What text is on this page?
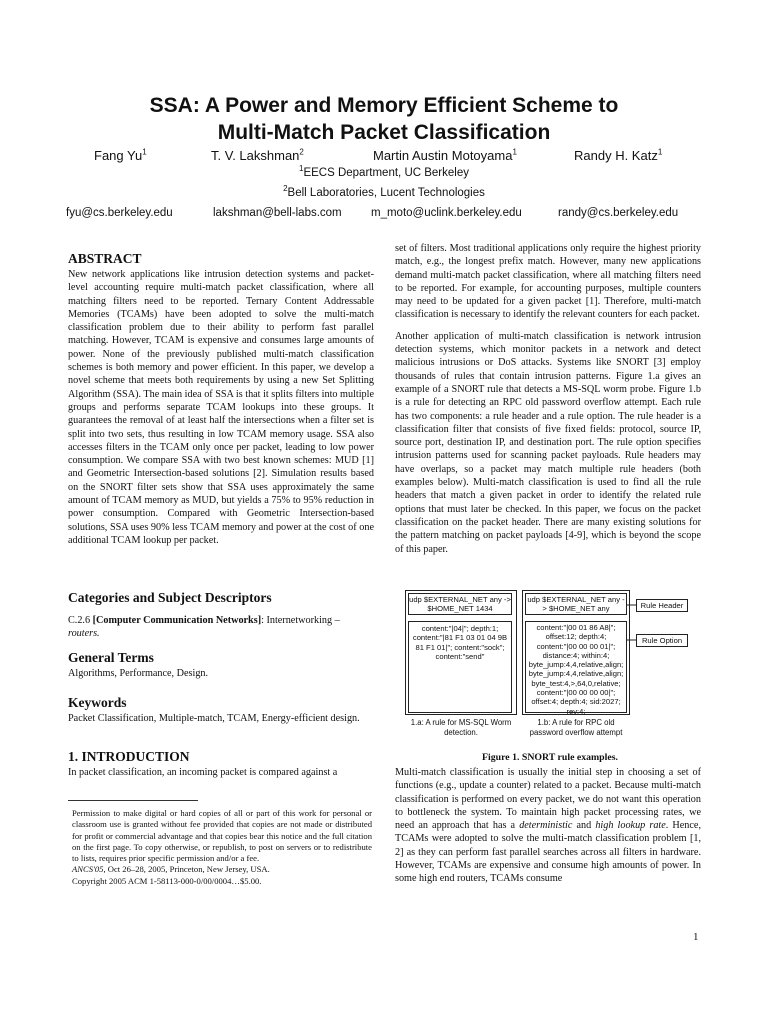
SSA: A Power and Memory Efficient Scheme to
Multi-Match Packet Classification
Fang Yu$^1$	T. V. Lakshman$^2$	Martin Austin Motoyama$^1$	Randy H. Katz$^1$
$^1$EECS Department, UC Berkeley
$^2$Bell Laboratories, Lucent Technologies
fyu@cs.berkeley.edu	lakshman@bell-labs.com	m_moto@uclink.berkeley.edu	randy@cs.berkeley.edu
ABSTRACT

New network applications like intrusion detection systems and packet-level accounting require multi-match packet classification, where all matching filters need to be reported. Ternary Content Addressable Memories (TCAMs) have been adopted to solve the multi-match classification problem due to their ability to perform fast parallel matching. However, TCAM is expensive and consumes large amounts of power. None of the previously published multi-match classification schemes is both memory and power efficient. In this paper, we develop a novel scheme that meets both requirements by using a new Set Splitting Algorithm (SSA). The main idea of SSA is that it splits filters into multiple groups and performs separate TCAM lookups into these groups. It guarantees the removal of at least half the intersections when a filter set is split into two sets, thus resulting in low TCAM memory usage. SSA also accesses filters in the TCAM only once per packet, leading to low power consumption. We compare SSA with two best known schemes: MUD [1] and Geometric Intersection-based solutions [2]. Simulation results based on the SNORT filter sets show that SSA uses approximately the same amount of TCAM memory as MUD, but yields a 75% to 95% reduction in power consumption. Compared with Geometric Intersection-based solutions, SSA uses 90% less TCAM memory and power at the cost of one additional TCAM lookup per packet.

Categories and Subject Descriptors
C.2.6 [Computer Communication Networks]: Internetworking –
routers.
General Terms
Algorithms, Performance, Design.
Keywords
Packet Classification, Multiple-match, TCAM, Energy-efficient design.
1. INTRODUCTION
In packet classification, an incoming packet is compared against a
Permission to make digital or hard copies of all or part of this work for personal or classroom use is granted without fee provided that copies are not made or distributed for profit or commercial advantage and that copies bear this notice and the full citation on the first page. To copy otherwise, or republish, to post on servers or to redistribute to lists, requires prior specific permission and/or a fee.
ANCS'05, Oct 26–28, 2005, Princeton, New Jersey, USA.
Copyright 2005 ACM 1-58113-000-0/00/0004…$5.00.

set of filters. Most traditional applications only require the highest priority match, e.g., the longest prefix match. However, many new applications demand multi-match packet classification, where all matching filters need to be reported. For example, for accounting purposes, multiple counters may need to be updated for a given packet [1]. Therefore, multi-match classification is necessary to identify the relevant counters for each packet.

Another application of multi-match classification is network intrusion detection systems, which monitor packets in a network and detect malicious intrusions or DoS attacks. Systems like SNORT [3] employ thousands of rules that contain intrusion patterns. Figure 1.a gives an example of a SNORT rule that detects a MS-SQL worm probe. Figure 1.b is a rule for detecting an RPC old password overflow attempt. Each rule has two components: a rule header and a rule option. The rule header is a classification filter that consists of five fixed fields: protocol, source IP, source port, destination IP, and destination port. The rule option specifies intrusion patterns used for scanning packet payloads. Rule headers may have overlaps, so a packet may match multiple rule headers (both examples below). Multi-match classification is used to find all the rule headers that match a given packet in order to identify the related rule options that must later be checked. In this paper, we focus on the packet classification on the packet header. There are many existing solutions for the pattern matching on packet payloads [4-9], which is beyond the scope of this paper.

udp $EXTERNAL_NET any -> $HOME_NET 1434
content:"|04|"; depth:1; content:"|81 F1 03 01 04 9B 81 F1 01|"; content:"sock"; content:"send"
1.a: A rule for MS-SQL Worm detection.
udp $EXTERNAL_NET any -> $HOME_NET any
content:"|00 01 86 A8|"; offset:12; depth:4; content:"|00 00 00 01|"; distance:4; within:4; byte_jump:4,4,relative,align; byte_jump:4,4,relative,align; byte_test:4,>,64,0,relative; content:"|00 00 00 00|"; offset:4; depth:4; sid:2027; rev:4;
1.b: A rule for RPC old password overflow attempt
Rule Header
Rule Option
Figure 1. SNORT rule examples.
Multi-match classification is usually the initial step in choosing a set of functions (e.g., update a counter) related to a packet. Because multi-match classification is performed on every packet, we do not want this operation to bottleneck the system. To maintain high packet processing rates, we need an approach that has a deterministic and high lookup rate. Hence, TCAMs were adopted to solve the multi-match classification problem [1, 2] as they can perform fast parallel searches across all filters in hardware. However, TCAMs are expensive and consume high amounts of power. In some high end routers, TCAMs consume
1
